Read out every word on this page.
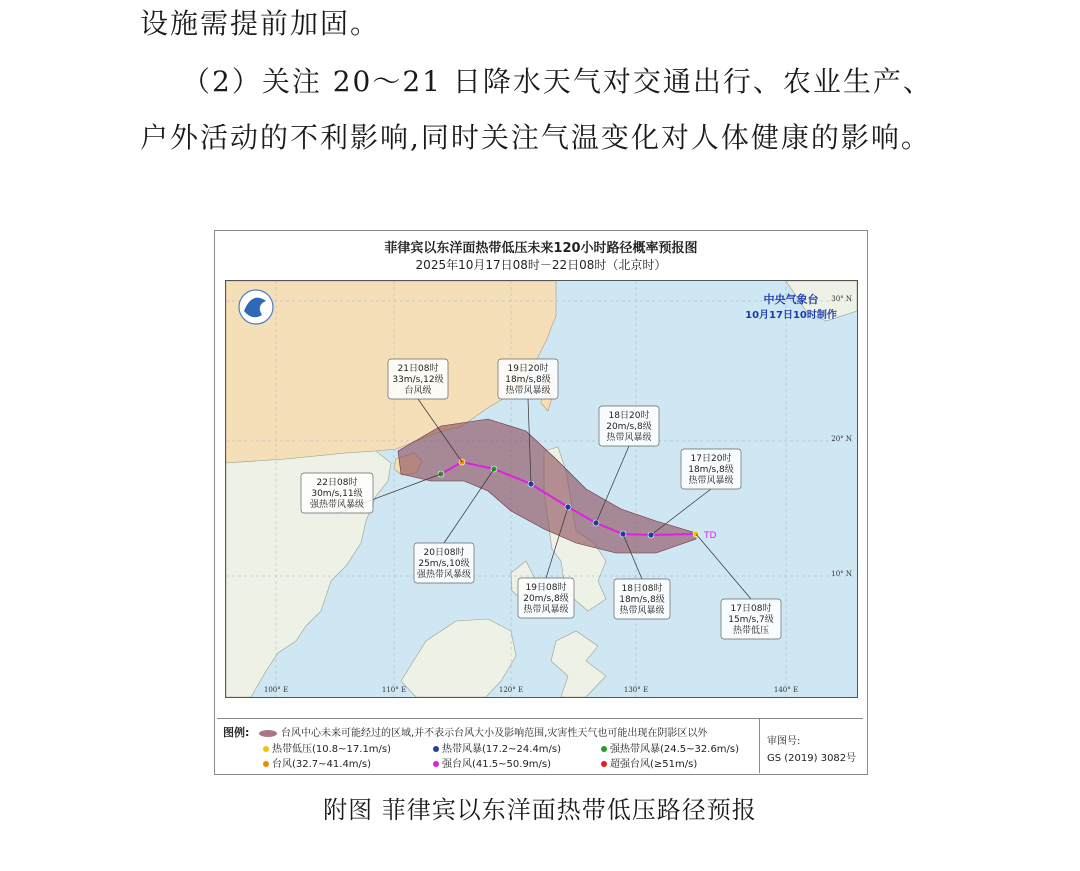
设施需提前加固。
（2）关注 20～21 日降水天气对交通出行、农业生产、
户外活动的不利影响,同时关注气温变化对人体健康的影响。
菲律宾以东洋面热带低压未来120小时路径概率预报图
2025年10月17日08时－22日08时（北京时）
中央气象台
10月17日10时制作
TD
100° E	110° E	120° E	130° E	140° E
30° N
20° N
10° N
17日08时
15m/s,7级
热带低压
17日20时
18m/s,8级
热带风暴级
18日08时
18m/s,8级
热带风暴级
18日20时
20m/s,8级
热带风暴级
19日08时
20m/s,8级
热带风暴级
19日20时
18m/s,8级
热带风暴级
20日08时
25m/s,10级
强热带风暴级
21日08时
33m/s,12级
台风级
22日08时
30m/s,11级
强热带风暴级
图例:	台风中心未来可能经过的区域,并不表示台风大小及影响范围,灾害性天气也可能出现在阴影区以外
热带低压(10.8~17.1m/s)	热带风暴(17.2~24.4m/s)	强热带风暴(24.5~32.6m/s)
台风(32.7~41.4m/s)	强台风(41.5~50.9m/s)	超强台风(≥51m/s)
审图号:
GS (2019) 3082号
附图 菲律宾以东洋面热带低压路径预报
